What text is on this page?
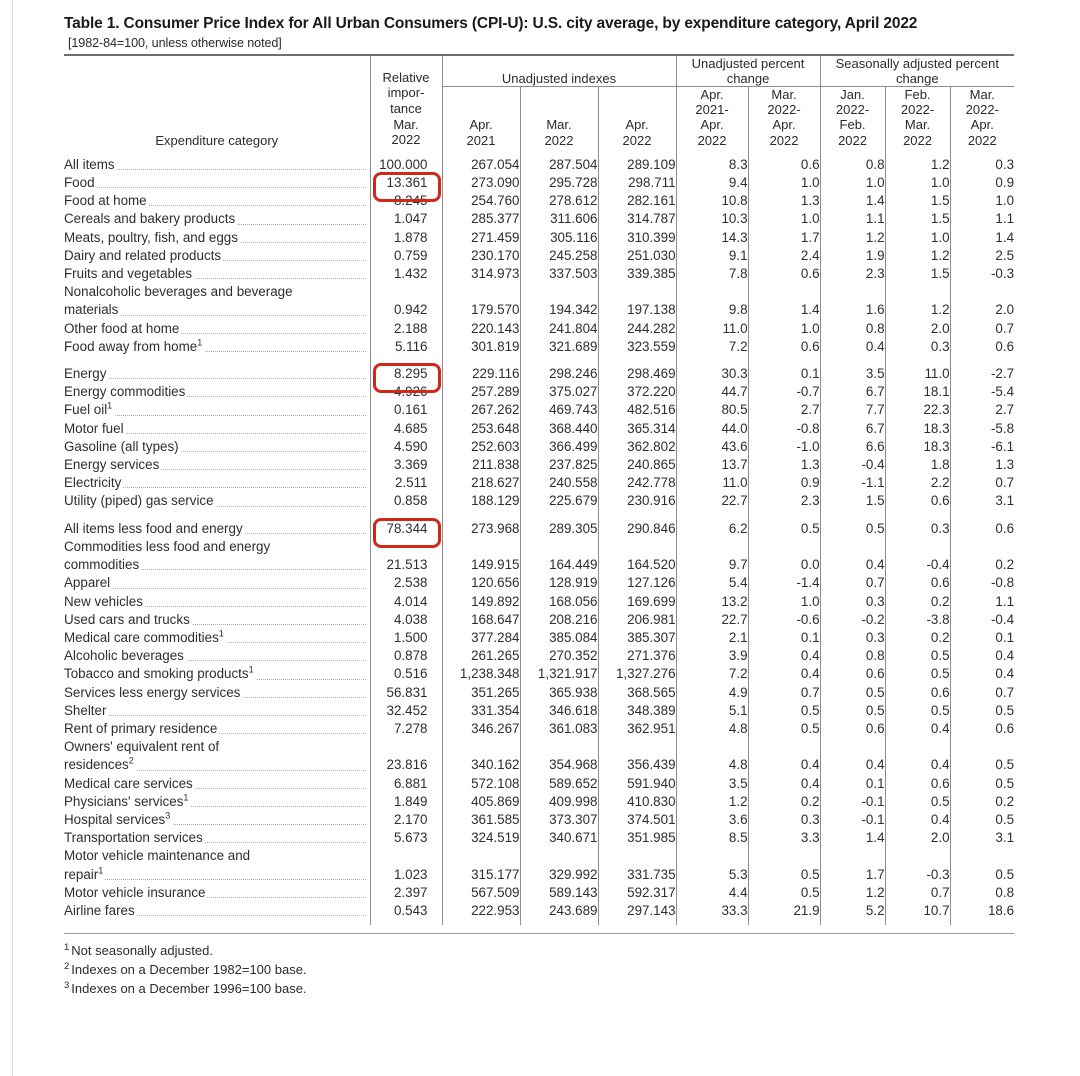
Table 1. Consumer Price Index for All Urban Consumers (CPI-U): U.S. city average, by expenditure category, April 2022
[1982-84=100, unless otherwise noted]
Expenditure category	Relative
impor-
tance
Mar.
2022	Unadjusted indexes			Unadjusted percent change		Seasonally adjusted percent change		
		Apr.
2021	Mar.
2022	Apr.
2022	Apr.
2021-
Apr.
2022	Mar.
2022-
Apr.
2022	Jan.
2022-
Feb.
2022	Feb.
2022-
Mar.
2022	Mar.
2022-
Apr.
2022

All items	100.000	267.054	287.504	289.109	8.3	0.6	0.8	1.2	0.3

Food	13.361	273.090	295.728	298.711	9.4	1.0	1.0	1.0	0.9

Food at home	8.245	254.760	278.612	282.161	10.8	1.3	1.4	1.5	1.0

Cereals and bakery products	1.047	285.377	311.606	314.787	10.3	1.0	1.1	1.5	1.1

Meats, poultry, fish, and eggs	1.878	271.459	305.116	310.399	14.3	1.7	1.2	1.0	1.4

Dairy and related products	0.759	230.170	245.258	251.030	9.1	2.4	1.9	1.2	2.5

Fruits and vegetables	1.432	314.973	337.503	339.385	7.8	0.6	2.3	1.5	-0.3
Nonalcoholic beverages and beverage									

materials	0.942	179.570	194.342	197.138	9.8	1.4	1.6	1.2	2.0

Other food at home	2.188	220.143	241.804	244.282	11.0	1.0	0.8	2.0	0.7

Food away from home$^1$	5.116	301.819	321.689	323.559	7.2	0.6	0.4	0.3	0.6

Energy	8.295	229.116	298.246	298.469	30.3	0.1	3.5	11.0	-2.7

Energy commodities	4.926	257.289	375.027	372.220	44.7	-0.7	6.7	18.1	-5.4

Fuel oil$^1$	0.161	267.262	469.743	482.516	80.5	2.7	7.7	22.3	2.7

Motor fuel	4.685	253.648	368.440	365.314	44.0	-0.8	6.7	18.3	-5.8

Gasoline (all types)	4.590	252.603	366.499	362.802	43.6	-1.0	6.6	18.3	-6.1

Energy services	3.369	211.838	237.825	240.865	13.7	1.3	-0.4	1.8	1.3

Electricity	2.511	218.627	240.558	242.778	11.0	0.9	-1.1	2.2	0.7

Utility (piped) gas service	0.858	188.129	225.679	230.916	22.7	2.3	1.5	0.6	3.1

All items less food and energy	78.344	273.968	289.305	290.846	6.2	0.5	0.5	0.3	0.6
Commodities less food and energy									

commodities	21.513	149.915	164.449	164.520	9.7	0.0	0.4	-0.4	0.2

Apparel	2.538	120.656	128.919	127.126	5.4	-1.4	0.7	0.6	-0.8

New vehicles	4.014	149.892	168.056	169.699	13.2	1.0	0.3	0.2	1.1

Used cars and trucks	4.038	168.647	208.216	206.981	22.7	-0.6	-0.2	-3.8	-0.4

Medical care commodities$^1$	1.500	377.284	385.084	385.307	2.1	0.1	0.3	0.2	0.1

Alcoholic beverages	0.878	261.265	270.352	271.376	3.9	0.4	0.8	0.5	0.4

Tobacco and smoking products$^1$	0.516	1,238.348	1,321.917	1,327.276	7.2	0.4	0.6	0.5	0.4

Services less energy services	56.831	351.265	365.938	368.565	4.9	0.7	0.5	0.6	0.7

Shelter	32.452	331.354	346.618	348.389	5.1	0.5	0.5	0.5	0.5

Rent of primary residence	7.278	346.267	361.083	362.951	4.8	0.5	0.6	0.4	0.6
Owners' equivalent rent of									

residences$^2$	23.816	340.162	354.968	356.439	4.8	0.4	0.4	0.4	0.5

Medical care services	6.881	572.108	589.652	591.940	3.5	0.4	0.1	0.6	0.5

Physicians' services$^1$	1.849	405.869	409.998	410.830	1.2	0.2	-0.1	0.5	0.2

Hospital services$^3$	2.170	361.585	373.307	374.501	3.6	0.3	-0.1	0.4	0.5

Transportation services	5.673	324.519	340.671	351.985	8.5	3.3	1.4	2.0	3.1
Motor vehicle maintenance and									

repair$^1$	1.023	315.177	329.992	331.735	5.3	0.5	1.7	-0.3	0.5

Motor vehicle insurance	2.397	567.509	589.143	592.317	4.4	0.5	1.2	0.7	0.8

Airline fares	0.543	222.953	243.689	297.143	33.3	21.9	5.2	10.7	18.6

$^1$ Not seasonally adjusted.
$^2$ Indexes on a December 1982=100 base.
$^3$ Indexes on a December 1996=100 base.
